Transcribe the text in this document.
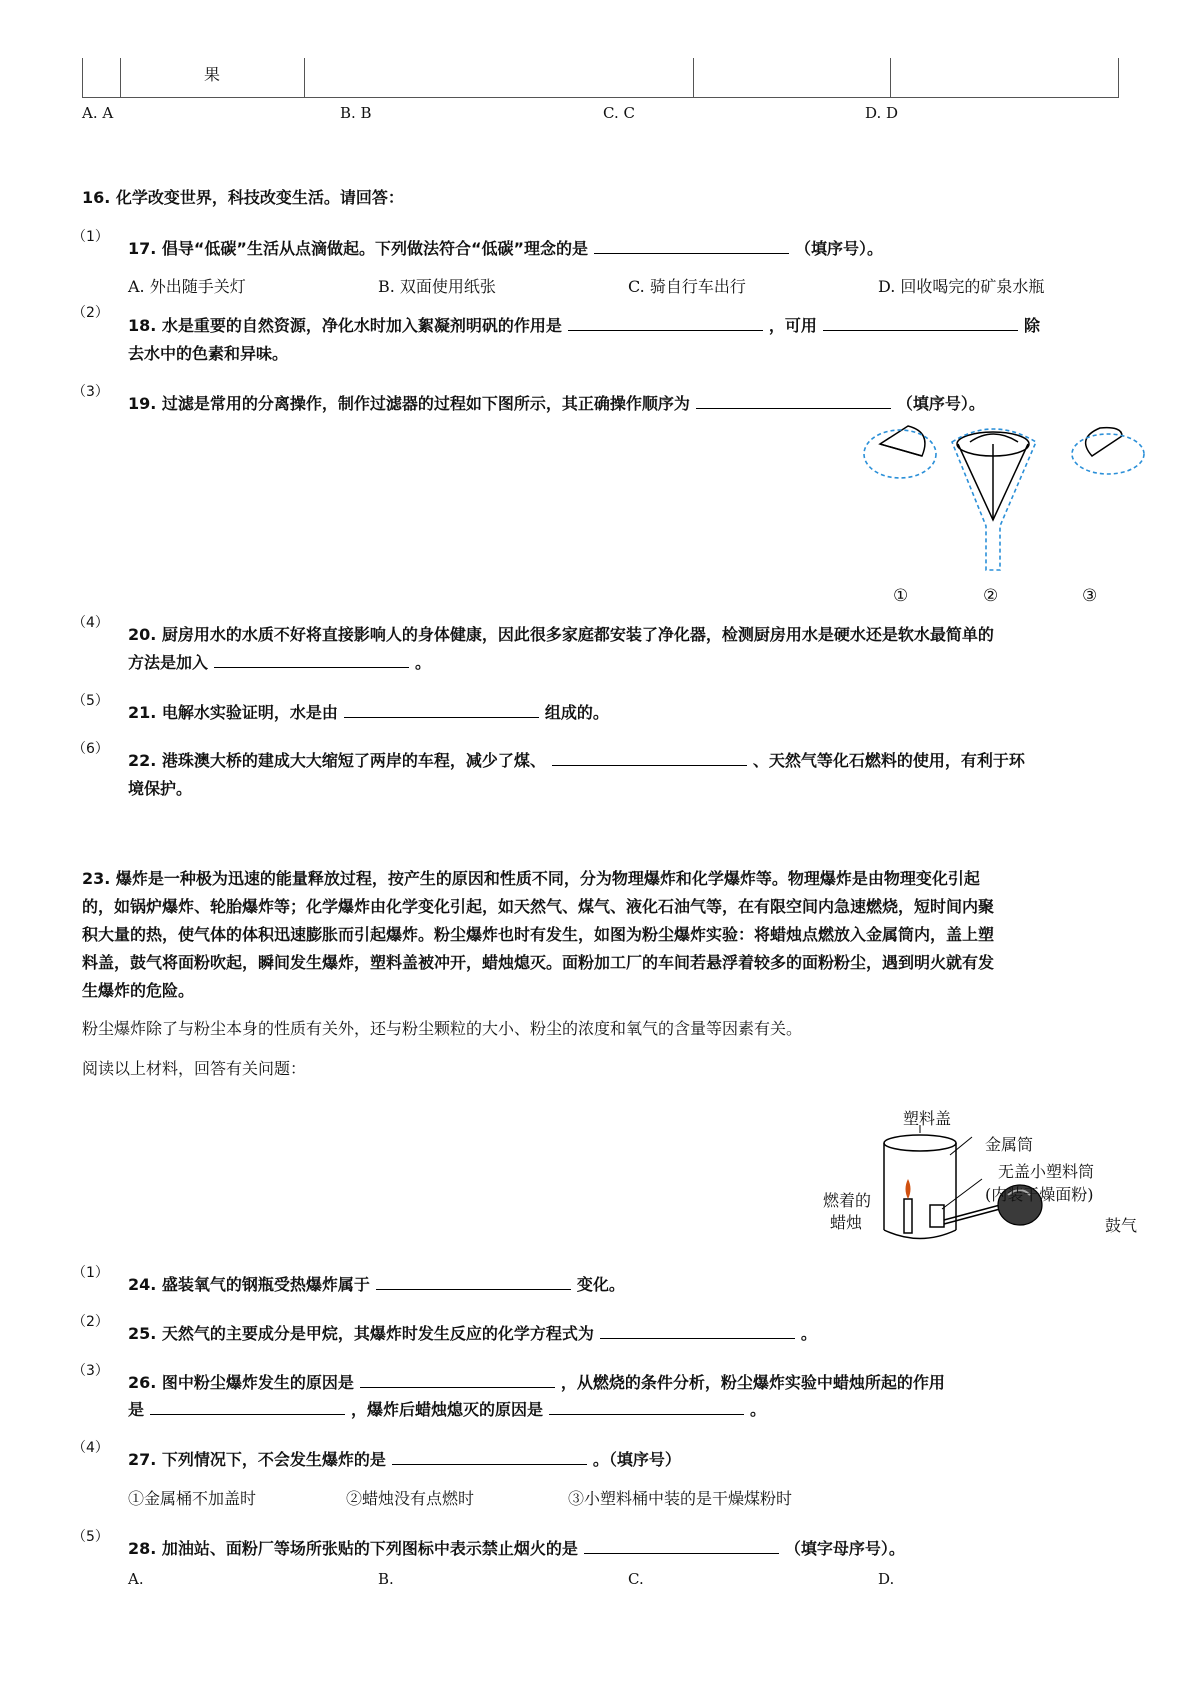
果
A. A	B. B	C. C	D. D
16. 化学改变世界，科技改变生活。请回答：
（1）
17. 倡导“低碳”生活从点滴做起。下列做法符合“低碳”理念的是	（填序号）。
A. 外出随手关灯	B. 双面使用纸张	C. 骑自行车出行	D. 回收喝完的矿泉水瓶
（2）
18. 水是重要的自然资源，净化水时加入絮凝剂明矾的作用是	，可用	除
去水中的色素和异味。
（3）
19. 过滤是常用的分离操作，制作过滤器的过程如下图所示，其正确操作顺序为	（填序号）。
①	②	③
（4）
20. 厨房用水的水质不好将直接影响人的身体健康，因此很多家庭都安装了净化器，检测厨房用水是硬水还是软水最简单的
方法是加入	。
（5）
21. 电解水实验证明，水是由	组成的。
（6）
22. 港珠澳大桥的建成大大缩短了两岸的车程，减少了煤、	、天然气等化石燃料的使用，有利于环
境保护。
23. 爆炸是一种极为迅速的能量释放过程，按产生的原因和性质不同，分为物理爆炸和化学爆炸等。物理爆炸是由物理变化引起
的，如锅炉爆炸、轮胎爆炸等；化学爆炸由化学变化引起，如天然气、煤气、液化石油气等，在有限空间内急速燃烧，短时间内聚
积大量的热，使气体的体积迅速膨胀而引起爆炸。粉尘爆炸也时有发生，如图为粉尘爆炸实验：将蜡烛点燃放入金属筒内，盖上塑
料盖，鼓气将面粉吹起，瞬间发生爆炸，塑料盖被冲开，蜡烛熄灭。面粉加工厂的车间若悬浮着较多的面粉粉尘，遇到明火就有发
生爆炸的危险。
粉尘爆炸除了与粉尘本身的性质有关外，还与粉尘颗粒的大小、粉尘的浓度和氧气的含量等因素有关。
阅读以上材料，回答有关问题：
塑料盖
金属筒
无盖小塑料筒
(内装干燥面粉)
燃着的
蜡烛	鼓气
（1）
24. 盛装氧气的钢瓶受热爆炸属于	变化。
（2）
25. 天然气的主要成分是甲烷，其爆炸时发生反应的化学方程式为	。
（3）
26. 图中粉尘爆炸发生的原因是	，从燃烧的条件分析，粉尘爆炸实验中蜡烛所起的作用
是	，爆炸后蜡烛熄灭的原因是	。
（4）
27. 下列情况下，不会发生爆炸的是	。（填序号）
①金属桶不加盖时	②蜡烛没有点燃时	③小塑料桶中装的是干燥煤粉时
（5）
28. 加油站、面粉厂等场所张贴的下列图标中表示禁止烟火的是	（填字母序号）。
A.	B.	C.	D.
